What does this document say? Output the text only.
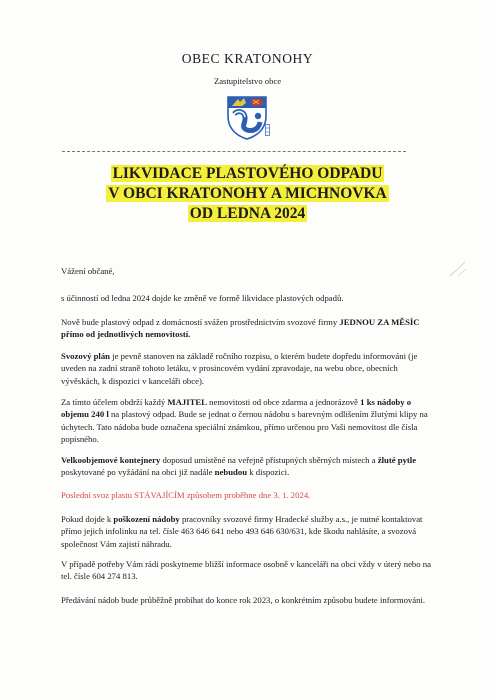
OBEC KRATONOHY
Zastupitelstvo obce
LIKVIDACE PLASTOVÉHO ODPADU
V OBCI KRATONOHY A MICHNOVKA
OD LEDNA 2024

Vážení občané,

s účinností od ledna 2024 dojde ke změně ve formě likvidace plastových odpadů.

Nově bude plastový odpad z domácností svážen prostřednictvím svozové firmy JEDNOU ZA MĚSÍC přímo od jednotlivých nemovitostí.

Svozový plán je pevně stanoven na základě ročního rozpisu, o kterém budete dopředu informováni (je uveden na zadní straně tohoto letáku, v prosincovém vydání zpravodaje, na webu obce, obecních vývěskách, k dispozici v kanceláři obce).

Za tímto účelem obdrží každý MAJITEL nemovitosti od obce zdarma a jednorázově 1 ks nádoby o objemu 240 l na plastový odpad. Bude se jednat o černou nádobu s barevným odlišením žlutými klipy na úchytech. Tato nádoba bude označena speciální známkou, přímo určenou pro Vaši nemovitost dle čísla popisného.

Velkoobjemové kontejnery doposud umístěné na veřejně přístupných sběrných místech a žluté pytle poskytované po vyžádání na obci již nadále nebudou k dispozici.

Poslední svoz plastu STÁVAJÍCÍM způsobem proběhne dne 3. 1. 2024.

Pokud dojde k poškození nádoby pracovníky svozové firmy Hradecké služby a.s., je nutné kontaktovat přímo jejich infolinku na tel. čísle 463 646 641 nebo 493 646 630/631, kde škodu nahlásíte, a svozová společnost Vám zajistí náhradu.

V případě potřeby Vám rádi poskytneme bližší informace osobně v kanceláři na obci vždy v úterý nebo na tel. čísle 604 274 813.

Předávání nádob bude průběžně probíhat do konce rok 2023, o konkrétním způsobu budete informováni.
